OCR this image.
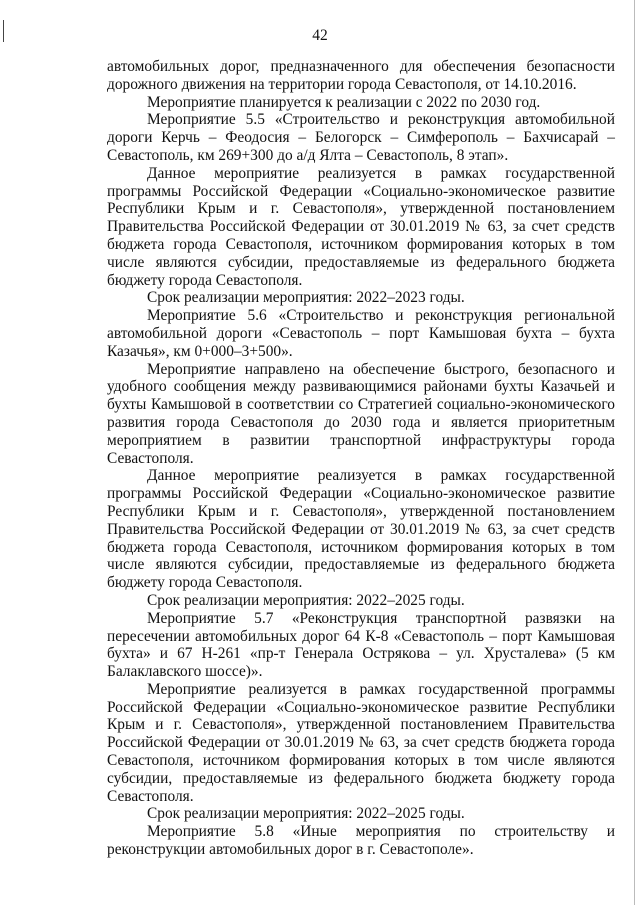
42

автомобильных дорог, предназначенного для обеспечения безопасности дорожного движения на территории города Севастополя, от 14.10.2016.

Мероприятие планируется к реализации с 2022 по 2030 год.

Мероприятие 5.5 «Строительство и реконструкция автомобильной дороги Керчь – Феодосия – Белогорск – Симферополь – Бахчисарай – Севастополь, км 269+300 до а/д Ялта – Севастополь, 8 этап».

Данное мероприятие реализуется в рамках государственной программы Российской Федерации «Социально-экономическое развитие Республики Крым и г. Севастополя», утвержденной постановлением Правительства Российской Федерации от 30.01.2019 № 63, за счет средств бюджета города Севастополя, источником формирования которых в том числе являются субсидии, предоставляемые из федерального бюджета бюджету города Севастополя.

Срок реализации мероприятия: 2022–2023 годы.

Мероприятие 5.6 «Строительство и реконструкция региональной автомобильной дороги «Севастополь – порт Камышовая бухта – бухта Казачья», км 0+000–3+500».

Мероприятие направлено на обеспечение быстрого, безопасного и удобного сообщения между развивающимися районами бухты Казачьей и бухты Камышовой в соответствии со Стратегией социально-экономического развития города Севастополя до 2030 года и является приоритетным мероприятием в развитии транспортной инфраструктуры города Севастополя.

Данное мероприятие реализуется в рамках государственной программы Российской Федерации «Социально-экономическое развитие Республики Крым и г. Севастополя», утвержденной постановлением Правительства Российской Федерации от 30.01.2019 № 63, за счет средств бюджета города Севастополя, источником формирования которых в том числе являются субсидии, предоставляемые из федерального бюджета бюджету города Севастополя.

Срок реализации мероприятия: 2022–2025 годы.

Мероприятие 5.7 «Реконструкция транспортной развязки на пересечении автомобильных дорог 64 К-8 «Севастополь – порт Камышовая бухта» и 67 Н-261 «пр-т Генерала Острякова – ул. Хрусталева» (5 км Балаклавского шоссе)».

Мероприятие реализуется в рамках государственной программы Российской Федерации «Социально-экономическое развитие Республики Крым и г. Севастополя», утвержденной постановлением Правительства Российской Федерации от 30.01.2019 № 63, за счет средств бюджета города Севастополя, источником формирования которых в том числе являются субсидии, предоставляемые из федерального бюджета бюджету города Севастополя.

Срок реализации мероприятия: 2022–2025 годы.

Мероприятие 5.8 «Иные мероприятия по строительству и реконструкции автомобильных дорог в г. Севастополе».
